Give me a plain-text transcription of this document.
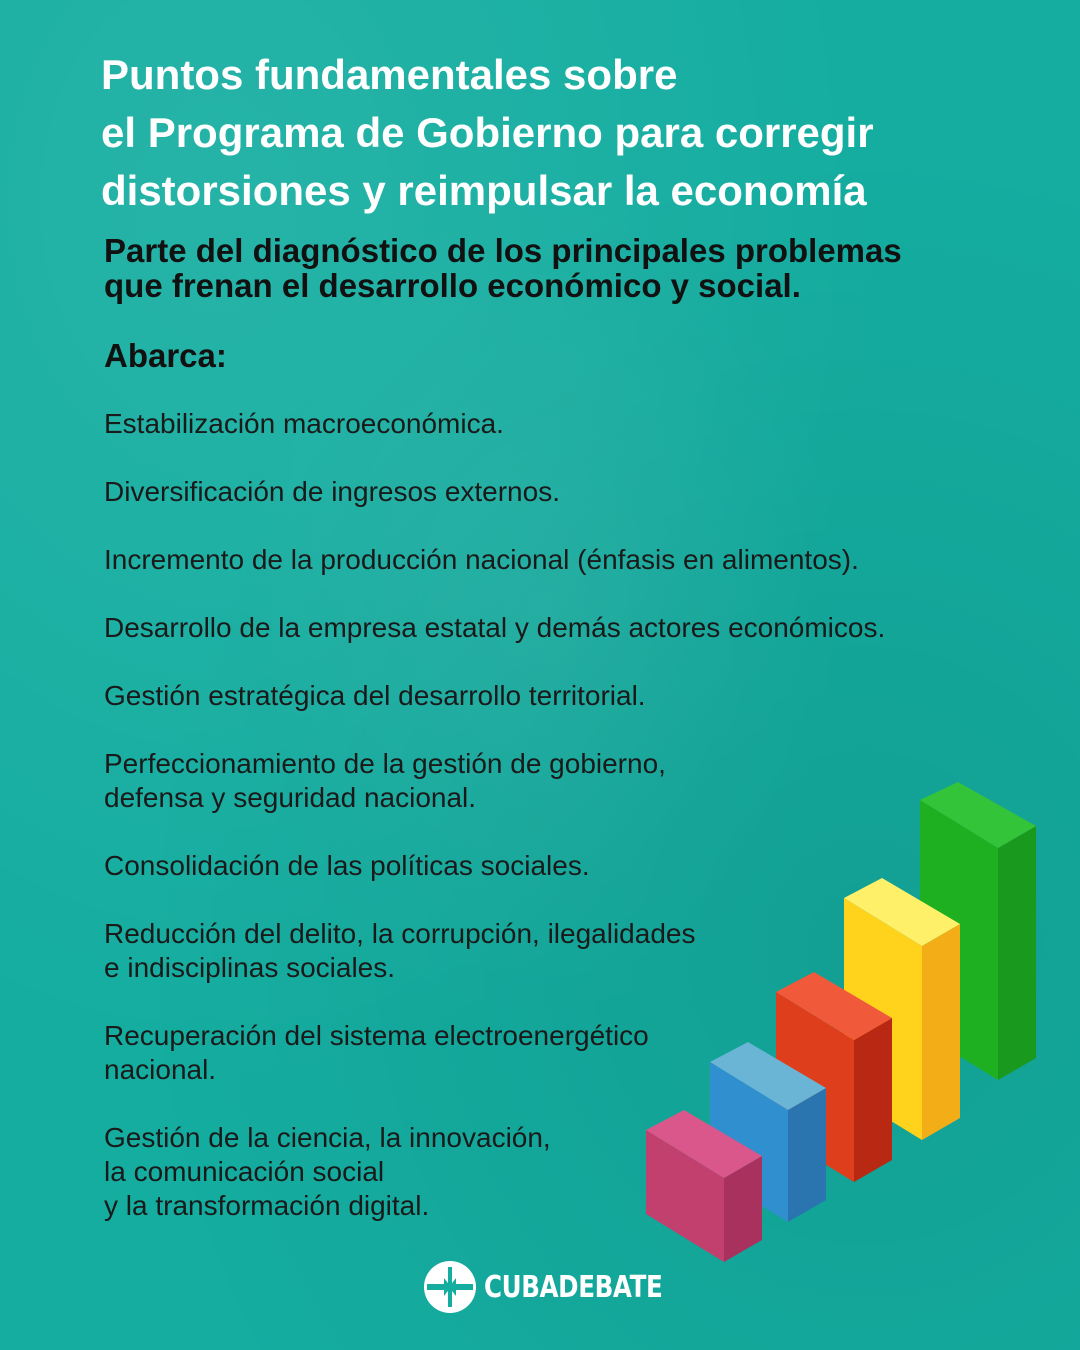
Puntos fundamentales sobre
el Programa de Gobierno para corregir
distorsiones y reimpulsar la economía
Parte del diagnóstico de los principales problemas
que frenan el desarrollo económico y social.
Abarca:
Estabilización macroeconómica.
Diversificación de ingresos externos.
Incremento de la producción nacional (énfasis en alimentos).
Desarrollo de la empresa estatal y demás actores económicos.
Gestión estratégica del desarrollo territorial.
Perfeccionamiento de la gestión de gobierno,
defensa y seguridad nacional.
Consolidación de las políticas sociales.
Reducción del delito, la corrupción, ilegalidades
e indisciplinas sociales.
Recuperación del sistema electroenergético
nacional.
Gestión de la ciencia, la innovación,
la comunicación social
y la transformación digital.
CUBADEBATE
